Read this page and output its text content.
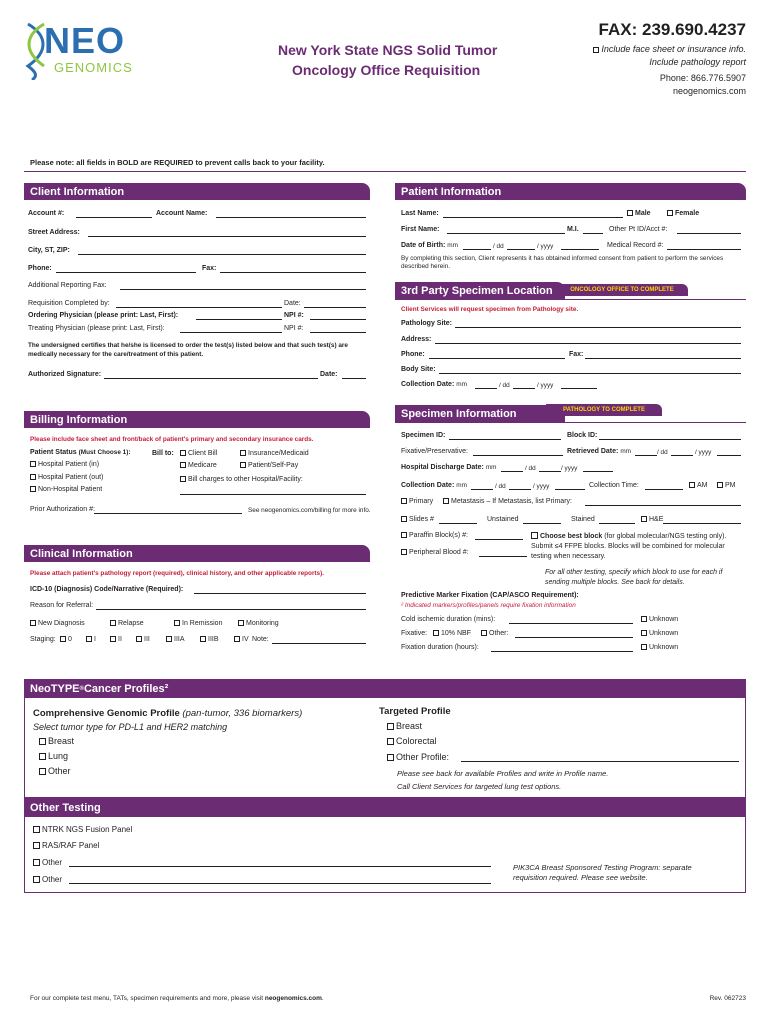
NEO
GENOMICS
New York State NGS Solid Tumor
Oncology Office Requisition
FAX: 239.690.4237
Include face sheet or insurance info.
Include pathology report
Phone: 866.776.5907
neogenomics.com
Please note: all fields in BOLD are REQUIRED to prevent calls back to your facility.
Client Information
Account #:	Account Name:
Street Address:
City, ST, ZIP:
Phone:	Fax:
Additional Reporting Fax:
Requisition Completed by:	Date:
Ordering Physician (please print: Last, First):	NPI #:
Treating Physician (please print: Last, First):	NPI #:
The undersigned certifies that he/she is licensed to order the test(s) listed below and that such test(s) are medically necessary for the care/treatment of this patient.
Authorized Signature:	Date:
Patient Information
Last Name:	Male	Female
First Name:	M.I.	Other Pt ID/Acct #:
Date of Birth: mm	/ dd	/ yyyy	Medical Record #:
By completing this section, Client represents it has obtained informed consent from patient to perform the services described herein.
3rd Party Specimen Location	ONCOLOGY OFFICE TO COMPLETE
Client Services will request specimen from Pathology site.
Pathology Site:
Address:
Phone:	Fax:
Body Site:
Collection Date: mm	/ dd	/ yyyy
Specimen Information	PATHOLOGY TO COMPLETE
Specimen ID:	Block ID:
Fixative/Preservative:	Retrieved Date: mm	/ dd	/ yyyy
Hospital Discharge Date: mm	/ dd	/ yyyy
Collection Date: mm	/ dd	/ yyyy	Collection Time:	AM	PM
Primary	Metastasis – If Metastasis, list Primary:
Slides #	Unstained	Stained	H&E
Paraffin Block(s) #:
Peripheral Blood #:
Choose best block (for global molecular/NGS testing only). Submit ≤4 FFPE blocks. Blocks will be combined for molecular testing when necessary.
For all other testing, specify which block to use for each if sending multiple blocks. See back for details.
Predictive Marker Fixation (CAP/ASCO Requirement):
² Indicated markers/profiles/panels require fixation information
Cold ischemic duration (mins):	Unknown
Fixative:	10% NBF	Other:	Unknown
Fixation duration (hours):	Unknown
Billing Information
Please include face sheet and front/back of patient's primary and secondary insurance cards.
Patient Status (Must Choose 1):
Hospital Patient (in)
Hospital Patient (out)
Non-Hospital Patient
Bill to:	Client Bill
Medicare
Insurance/Medicaid
Patient/Self-Pay
Bill charges to other Hospital/Facility:
Prior Authorization #:	See neogenomics.com/billing for more info.
Clinical Information
Please attach patient's pathology report (required), clinical history, and other applicable reports).
ICD-10 (Diagnosis) Code/Narrative (Required):
Reason for Referral:
New Diagnosis	Relapse	In Remission	Monitoring
Staging:	0	I	II	III	IIIA	IIIB	IV Note:
NeoTYPE ® Cancer Profiles²
Comprehensive Genomic Profile (pan-tumor, 336 biomarkers)
Select tumor type for PD-L1 and HER2 matching
Breast
Lung
Other
Targeted Profile
Breast
Colorectal
Other Profile:
Please see back for available Profiles and write in Profile name.
Call Client Services for targeted lung test options.
Other Testing
NTRK NGS Fusion Panel
RAS/RAF Panel
Other
Other
PIK3CA Breast Sponsored Testing Program: separate requisition required. Please see website.
For our complete test menu, TATs, specimen requirements and more, please visit neogenomics.com.	Rev. 062723
